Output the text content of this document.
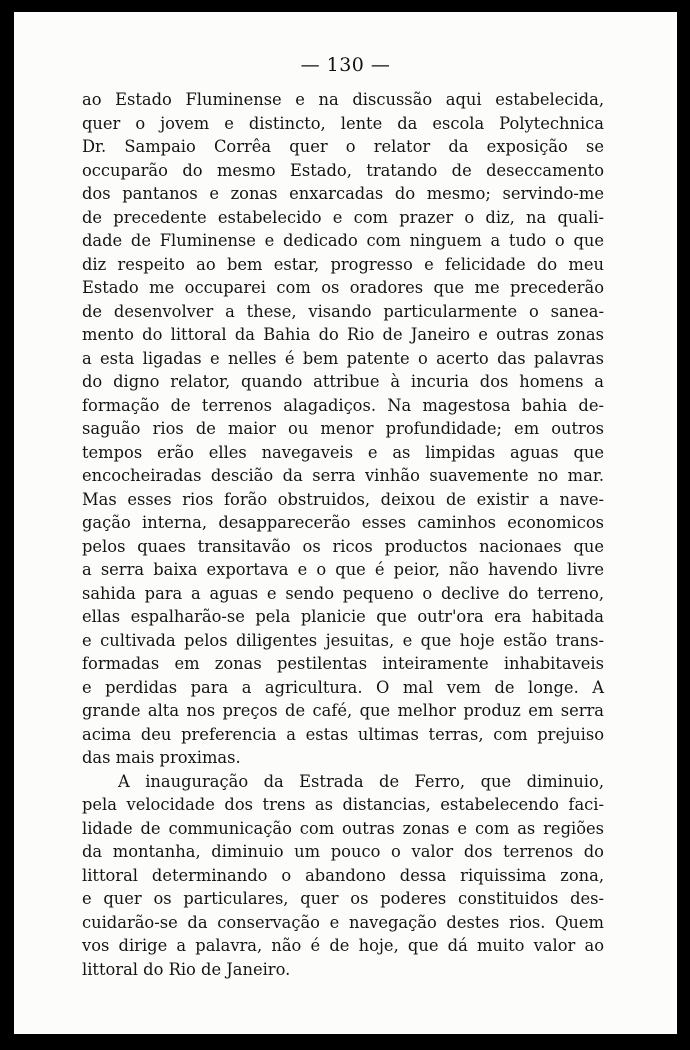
— 130 —
ao Estado Fluminense e na discussão aqui estabelecida,
quer o jovem e distincto, lente da escola Polytechnica
Dr. Sampaio Corrêa quer o relator da exposição se
occuparão do mesmo Estado, tratando de deseccamento
dos pantanos e zonas enxarcadas do mesmo; servindo-me
de precedente estabelecido e com prazer o diz, na quali-
dade de Fluminense e dedicado com ninguem a tudo o que
diz respeito ao bem estar, progresso e felicidade do meu
Estado me occuparei com os oradores que me precederão
de desenvolver a these, visando particularmente o sanea-
mento do littoral da Bahia do Rio de Janeiro e outras zonas
a esta ligadas e nelles é bem patente o acerto das palavras
do digno relator, quando attribue à incuria dos homens a
formação de terrenos alagadiços. Na magestosa bahia de-
saguão rios de maior ou menor profundidade; em outros
tempos erão elles navegaveis e as limpidas aguas que
encocheiradas descião da serra vinhão suavemente no mar.
Mas esses rios forão obstruidos, deixou de existir a nave-
gação interna, desapparecerão esses caminhos economicos
pelos quaes transitavão os ricos productos nacionaes que
a serra baixa exportava e o que é peior, não havendo livre
sahida para a aguas e sendo pequeno o declive do terreno,
ellas espalharão-se pela planicie que outr'ora era habitada
e cultivada pelos diligentes jesuitas, e que hoje estão trans-
formadas em zonas pestilentas inteiramente inhabitaveis
e perdidas para a agricultura. O mal vem de longe. A
grande alta nos preços de café, que melhor produz em serra
acima deu preferencia a estas ultimas terras, com prejuiso
das mais proximas.
A inauguração da Estrada de Ferro, que diminuio,
pela velocidade dos trens as distancias, estabelecendo faci-
lidade de communicação com outras zonas e com as regiões
da montanha, diminuio um pouco o valor dos terrenos do
littoral determinando o abandono dessa riquissima zona,
e quer os particulares, quer os poderes constituidos des-
cuidarão-se da conservação e navegação destes rios. Quem
vos dirige a palavra, não é de hoje, que dá muito valor ao
littoral do Rio de Janeiro.
